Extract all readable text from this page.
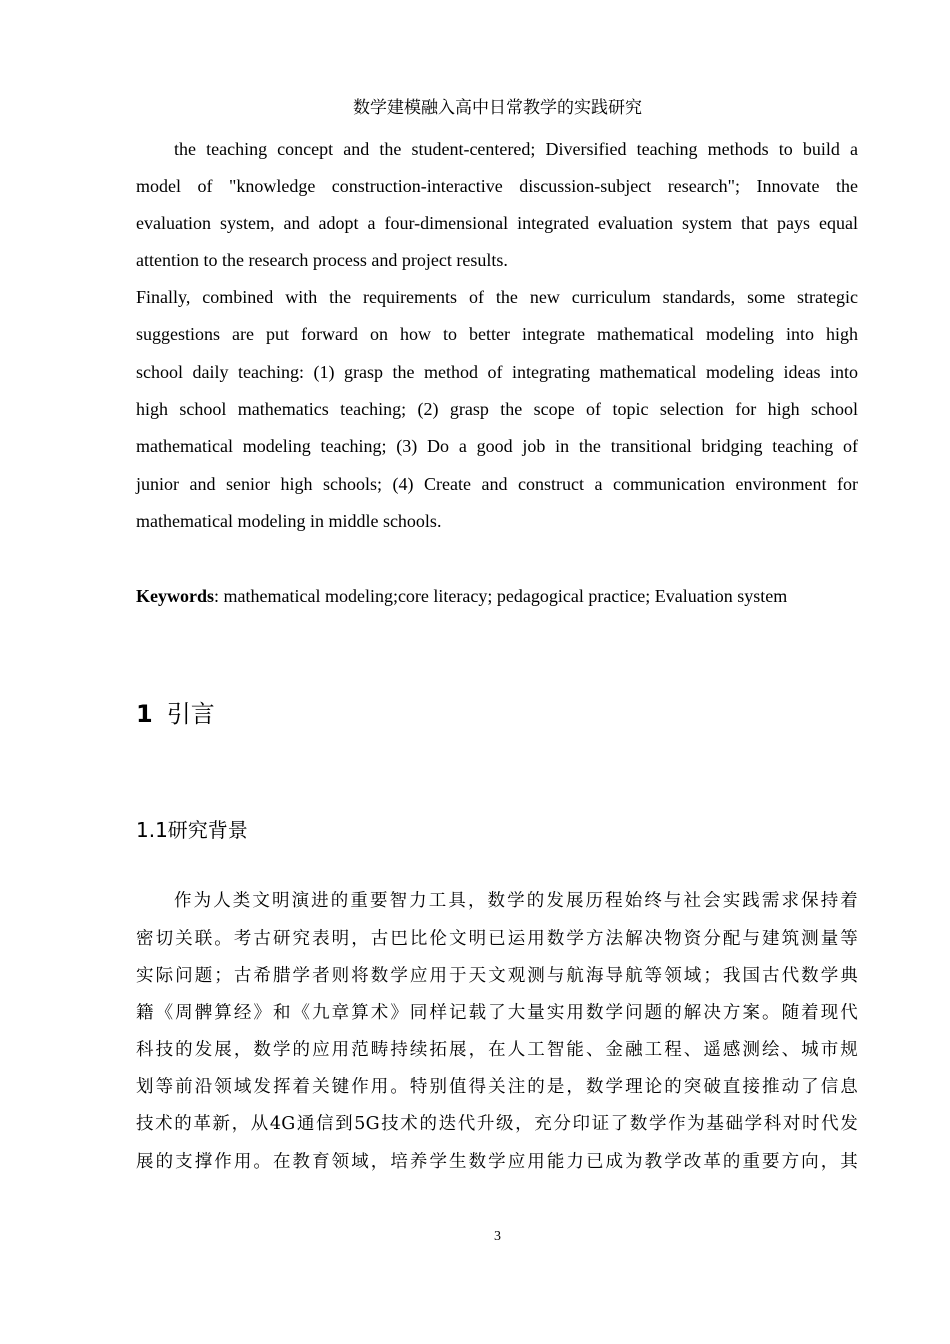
数学建模融入高中日常教学的实践研究
the teaching concept and the student-centered; Diversified teaching methods to build a
model of "knowledge construction-interactive discussion-subject research"; Innovate the
evaluation system, and adopt a four-dimensional integrated evaluation system that pays equal
attention to the research process and project results.
Finally, combined with the requirements of the new curriculum standards, some strategic
suggestions are put forward on how to better integrate mathematical modeling into high
school daily teaching: (1) grasp the method of integrating mathematical modeling ideas into
high school mathematics teaching; (2) grasp the scope of topic selection for high school
mathematical modeling teaching; (3) Do a good job in the transitional bridging teaching of
junior and senior high schools; (4) Create and construct a communication environment for
mathematical modeling in middle schools.
Keywords: mathematical modeling;core literacy; pedagogical practice; Evaluation system
1 引言
1.1研究背景
作为人类文明演进的重要智力工具，数学的发展历程始终与社会实践需求保持着
密切关联。考古研究表明，古巴比伦文明已运用数学方法解决物资分配与建筑测量等
实际问题；古希腊学者则将数学应用于天文观测与航海导航等领域；我国古代数学典
籍《周髀算经》和《九章算术》同样记载了大量实用数学问题的解决方案。随着现代
科技的发展，数学的应用范畴持续拓展，在人工智能、金融工程、遥感测绘、城市规
划等前沿领域发挥着关键作用。特别值得关注的是，数学理论的突破直接推动了信息
技术的革新，从4G通信到5G技术的迭代升级，充分印证了数学作为基础学科对时代发
展的支撑作用。在教育领域，培养学生数学应用能力已成为教学改革的重要方向，其
3
